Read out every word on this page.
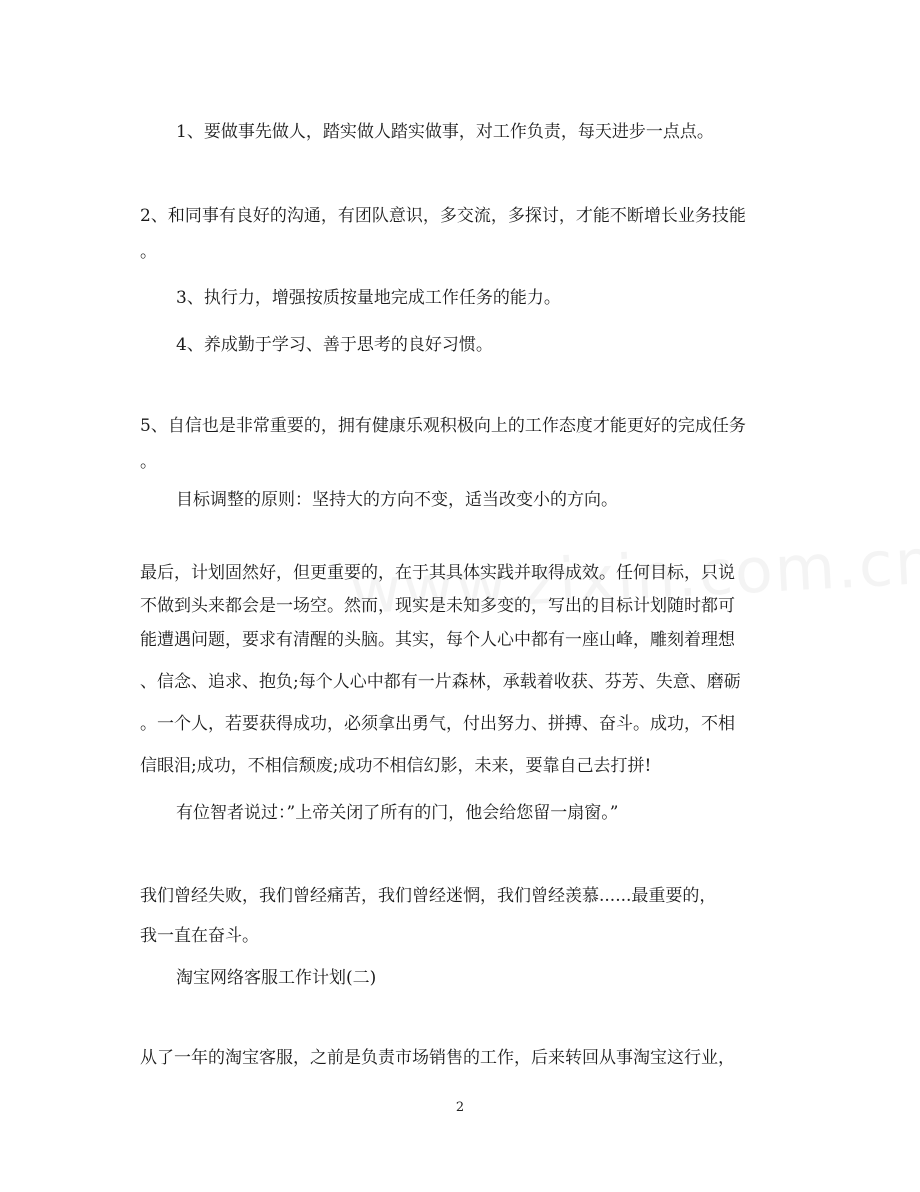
1、要做事先做人，踏实做人踏实做事，对工作负责，每天进步一点点。
2、和同事有良好的沟通，有团队意识，多交流，多探讨，才能不断增长业务技能
。
3、执行力，增强按质按量地完成工作任务的能力。
4、养成勤于学习、善于思考的良好习惯。
5、自信也是非常重要的，拥有健康乐观积极向上的工作态度才能更好的完成任务
。
目标调整的原则：坚持大的方向不变，适当改变小的方向。
最后，计划固然好，但更重要的，在于其具体实践并取得成效。任何目标，只说
不做到头来都会是一场空。然而，现实是未知多变的，写出的目标计划随时都可
能遭遇问题，要求有清醒的头脑。其实，每个人心中都有一座山峰，雕刻着理想
、信念、追求、抱负;每个人心中都有一片森林，承载着收获、芬芳、失意、磨砺
。一个人，若要获得成功，必须拿出勇气，付出努力、拼搏、奋斗。成功，不相
信眼泪;成功，不相信颓废;成功不相信幻影，未来，要靠自己去打拼!
有位智者说过：”上帝关闭了所有的门，他会给您留一扇窗。”
我们曾经失败，我们曾经痛苦，我们曾经迷惘，我们曾经羡慕......最重要的，
我一直在奋斗。
淘宝网络客服工作计划(二)
从了一年的淘宝客服，之前是负责市场销售的工作，后来转回从事淘宝这行业，
2
